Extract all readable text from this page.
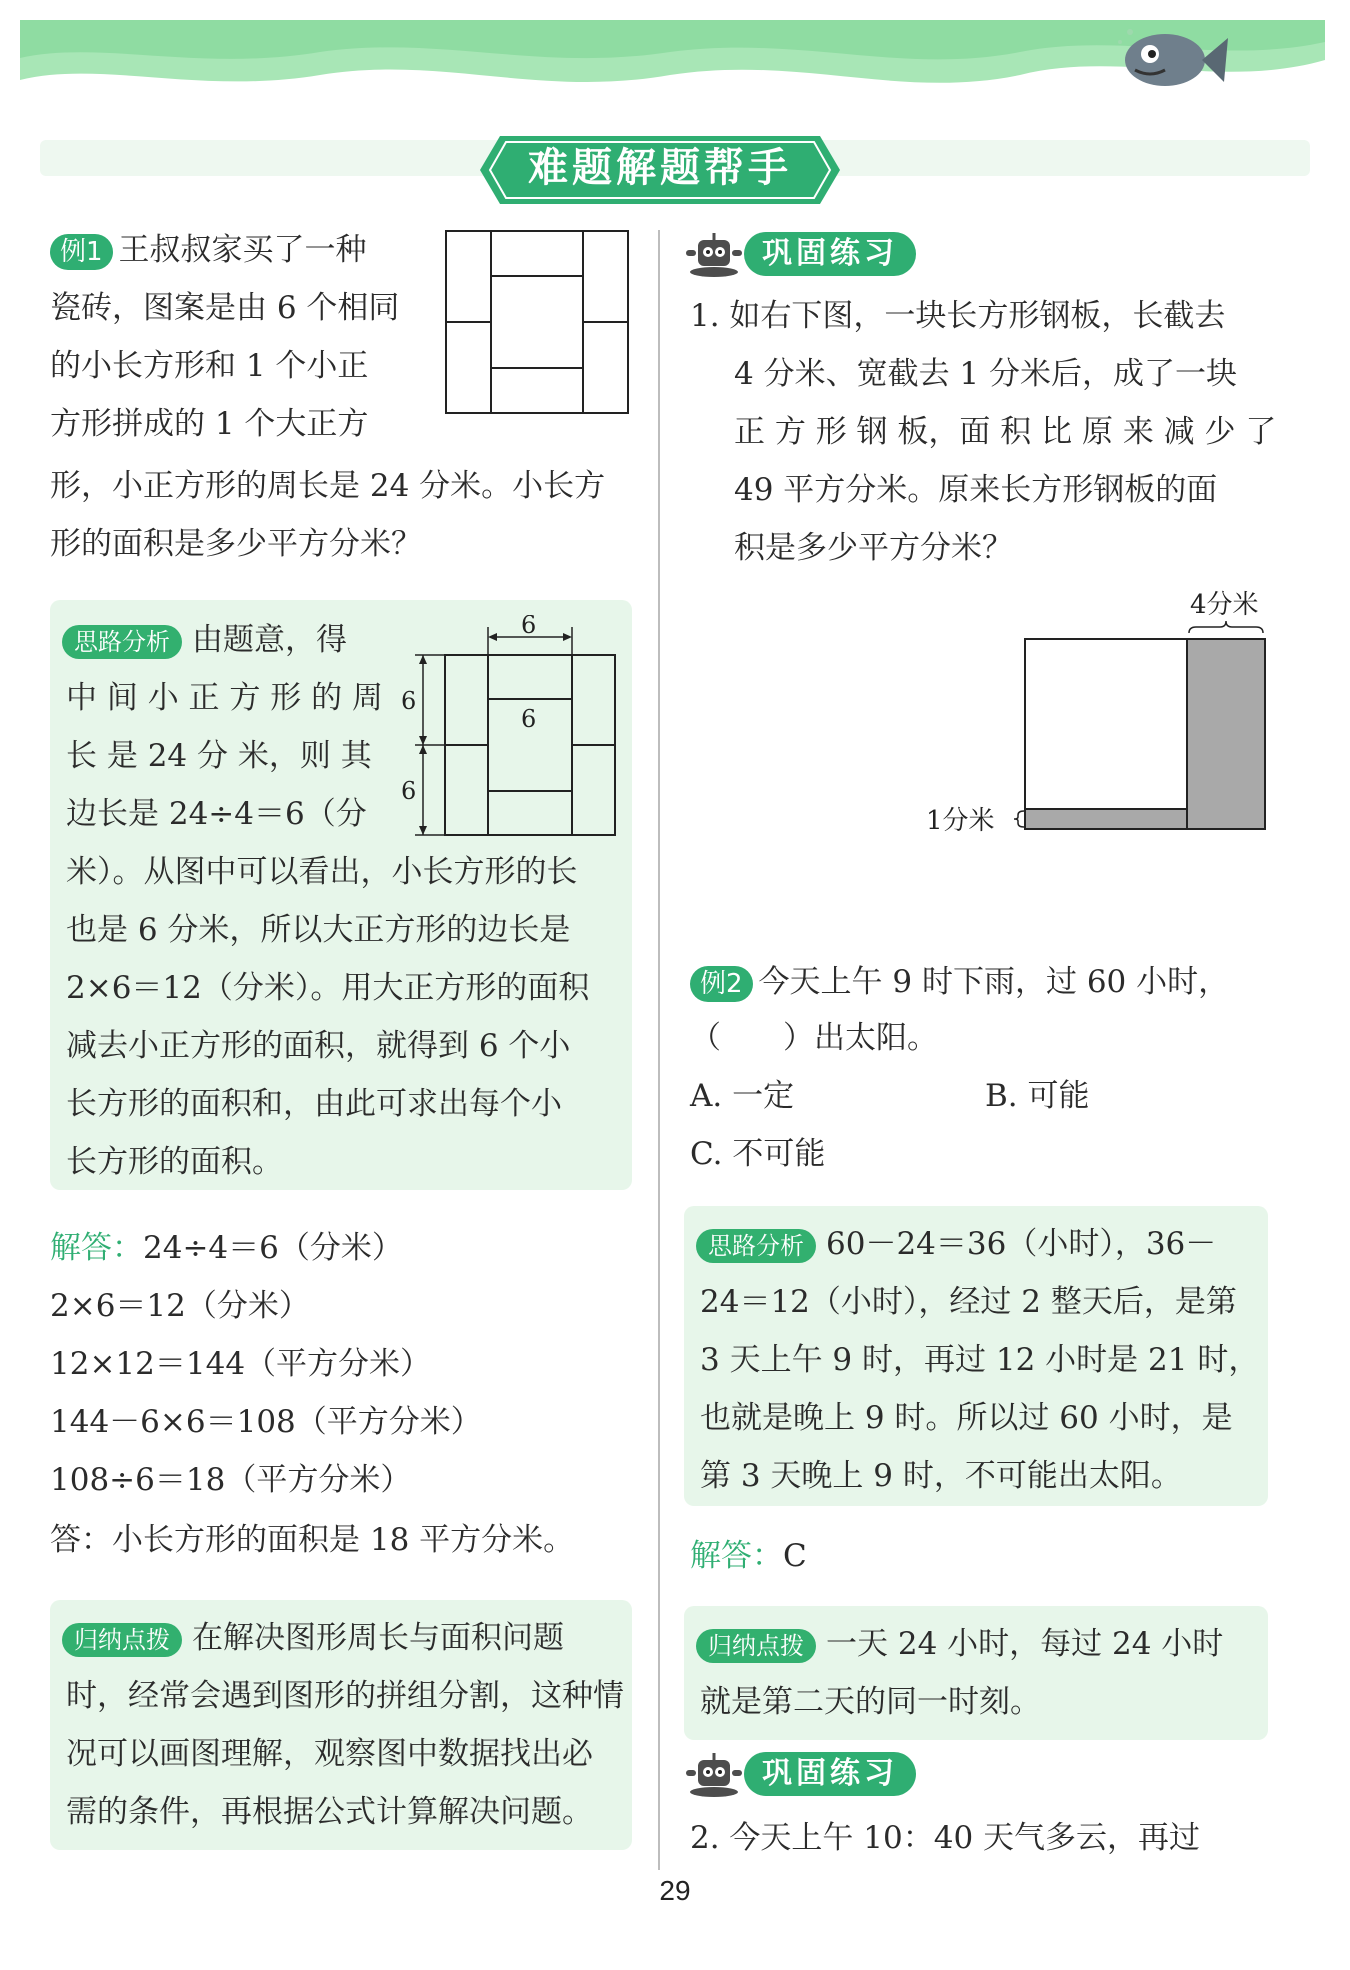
难题解题帮手
例1 王叔叔家买了一种
瓷砖，图案是由 6 个相同
的小长方形和 1 个小正
方形拼成的 1 个大正方
形，小正方形的周长是 24 分米。小长方
形的面积是多少平方分米？
思路分析 由题意，得
中 间 小 正 方 形 的 周
长 是 24 分 米，则 其
边长是 24÷4＝6（分
米）。从图中可以看出，小长方形的长
也是 6 分米，所以大正方形的边长是
2×6＝12（分米）。用大正方形的面积
减去小正方形的面积，就得到 6 个小
长方形的面积和，由此可求出每个小
长方形的面积。
6
6
6
6
解答：24÷4＝6（分米）
2×6＝12（分米）
12×12＝144（平方分米）
144－6×6＝108（平方分米）
108÷6＝18（平方分米）
答：小长方形的面积是 18 平方分米。
归纳点拨 在解决图形周长与面积问题
时，经常会遇到图形的拼组分割，这种情
况可以画图理解，观察图中数据找出必
需的条件，再根据公式计算解决问题。
巩固练习
1. 如右下图，一块长方形钢板，长截去
4 分米、宽截去 1 分米后，成了一块
正 方 形 钢 板，面 积 比 原 来 减 少 了
49 平方分米。原来长方形钢板的面
积是多少平方分米？
4分米
1分米
例2 今天上午 9 时下雨，过 60 小时，
（　　）出太阳。
A. 一定	B. 可能
C. 不可能
思路分析 60－24＝36（小时），36－
24＝12（小时），经过 2 整天后，是第
3 天上午 9 时，再过 12 小时是 21 时，
也就是晚上 9 时。所以过 60 小时，是
第 3 天晚上 9 时，不可能出太阳。
解答：C
归纳点拨 一天 24 小时，每过 24 小时
就是第二天的同一时刻。
巩固练习
2. 今天上午 10：40 天气多云，再过
29
